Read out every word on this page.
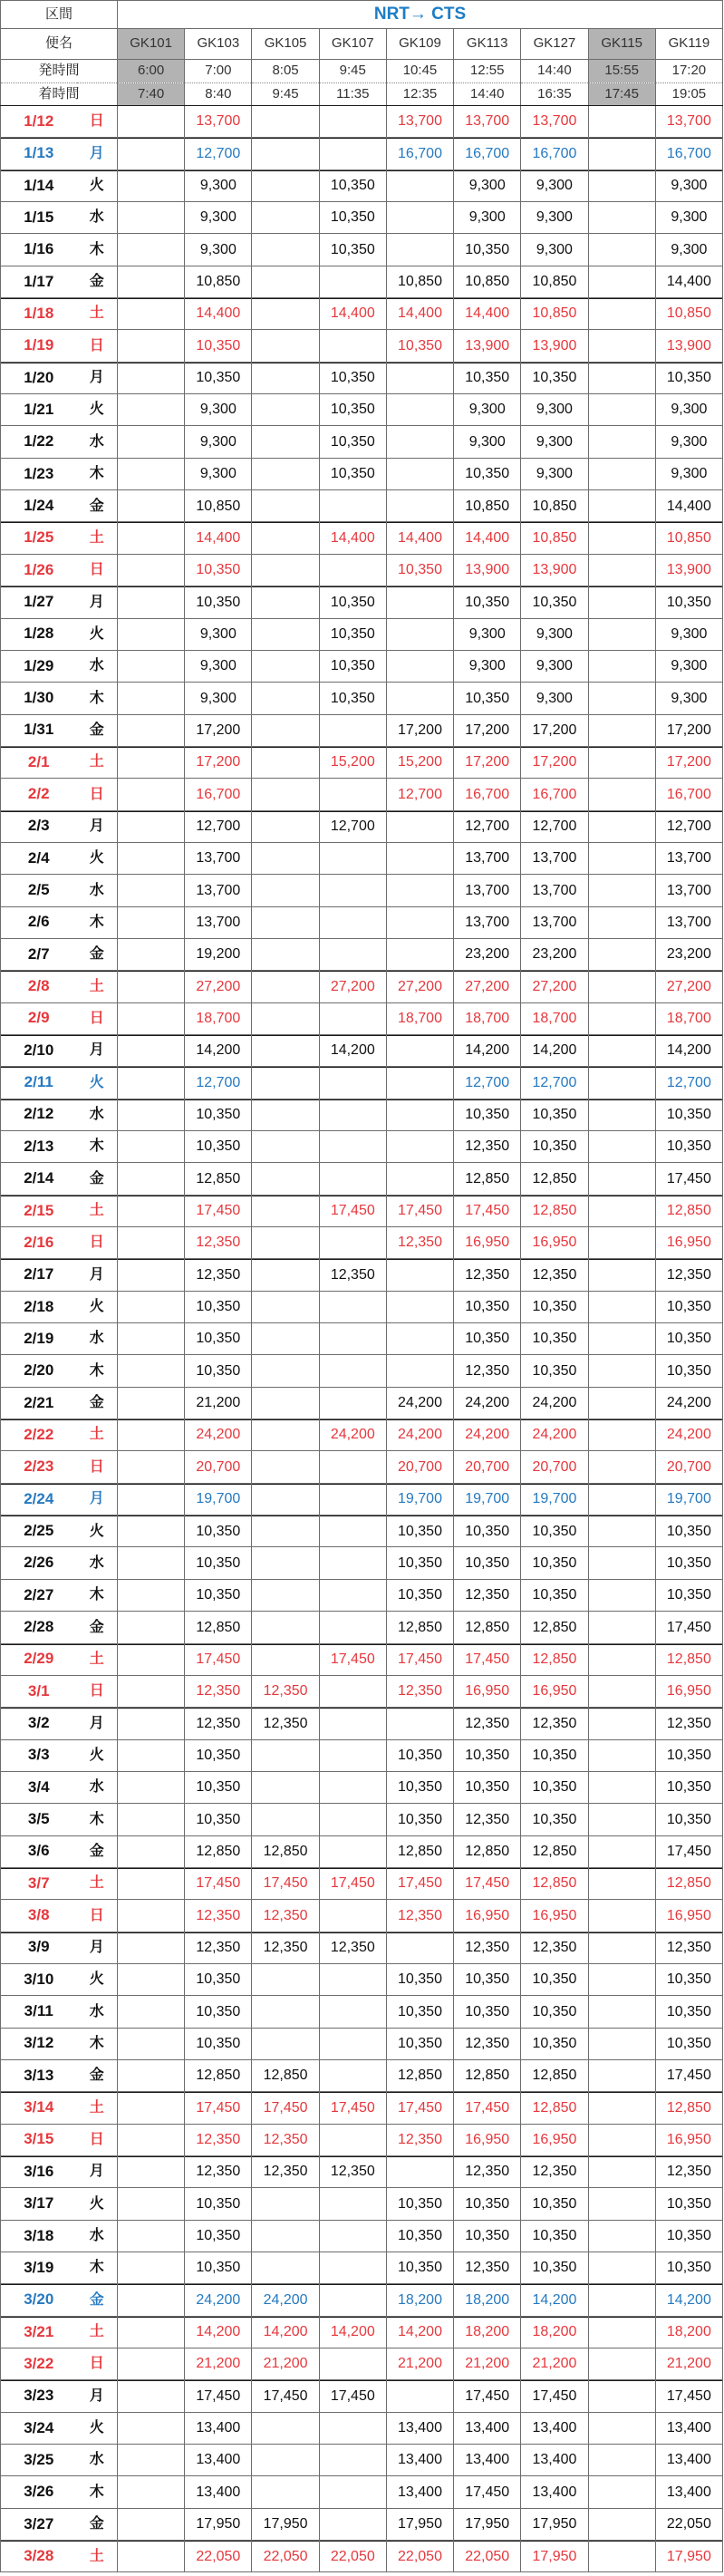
区間		NRT→ CTS								
便名		GK101	GK103	GK105	GK107	GK109	GK113	GK127	GK115	GK119
発時間		6:00	7:00	8:05	9:45	10:45	12:55	14:40	15:55	17:20
着時間		7:40	8:40	9:45	11:35	12:35	14:40	16:35	17:45	19:05
1/12	日		13,700			13,700	13,700	13,700		13,700
1/13	月		12,700			16,700	16,700	16,700		16,700
1/14	火		9,300		10,350		9,300	9,300		9,300
1/15	水		9,300		10,350		9,300	9,300		9,300
1/16	木		9,300		10,350		10,350	9,300		9,300
1/17	金		10,850			10,850	10,850	10,850		14,400
1/18	土		14,400		14,400	14,400	14,400	10,850		10,850
1/19	日		10,350			10,350	13,900	13,900		13,900
1/20	月		10,350		10,350		10,350	10,350		10,350
1/21	火		9,300		10,350		9,300	9,300		9,300
1/22	水		9,300		10,350		9,300	9,300		9,300
1/23	木		9,300		10,350		10,350	9,300		9,300
1/24	金		10,850				10,850	10,850		14,400
1/25	土		14,400		14,400	14,400	14,400	10,850		10,850
1/26	日		10,350			10,350	13,900	13,900		13,900
1/27	月		10,350		10,350		10,350	10,350		10,350
1/28	火		9,300		10,350		9,300	9,300		9,300
1/29	水		9,300		10,350		9,300	9,300		9,300
1/30	木		9,300		10,350		10,350	9,300		9,300
1/31	金		17,200			17,200	17,200	17,200		17,200
2/1	土		17,200		15,200	15,200	17,200	17,200		17,200
2/2	日		16,700			12,700	16,700	16,700		16,700
2/3	月		12,700		12,700		12,700	12,700		12,700
2/4	火		13,700				13,700	13,700		13,700
2/5	水		13,700				13,700	13,700		13,700
2/6	木		13,700				13,700	13,700		13,700
2/7	金		19,200				23,200	23,200		23,200
2/8	土		27,200		27,200	27,200	27,200	27,200		27,200
2/9	日		18,700			18,700	18,700	18,700		18,700
2/10	月		14,200		14,200		14,200	14,200		14,200
2/11	火		12,700				12,700	12,700		12,700
2/12	水		10,350				10,350	10,350		10,350
2/13	木		10,350				12,350	10,350		10,350
2/14	金		12,850				12,850	12,850		17,450
2/15	土		17,450		17,450	17,450	17,450	12,850		12,850
2/16	日		12,350			12,350	16,950	16,950		16,950
2/17	月		12,350		12,350		12,350	12,350		12,350
2/18	火		10,350				10,350	10,350		10,350
2/19	水		10,350				10,350	10,350		10,350
2/20	木		10,350				12,350	10,350		10,350
2/21	金		21,200			24,200	24,200	24,200		24,200
2/22	土		24,200		24,200	24,200	24,200	24,200		24,200
2/23	日		20,700			20,700	20,700	20,700		20,700
2/24	月		19,700			19,700	19,700	19,700		19,700
2/25	火		10,350			10,350	10,350	10,350		10,350
2/26	水		10,350			10,350	10,350	10,350		10,350
2/27	木		10,350			10,350	12,350	10,350		10,350
2/28	金		12,850			12,850	12,850	12,850		17,450
2/29	土		17,450		17,450	17,450	17,450	12,850		12,850
3/1	日		12,350	12,350		12,350	16,950	16,950		16,950
3/2	月		12,350	12,350			12,350	12,350		12,350
3/3	火		10,350			10,350	10,350	10,350		10,350
3/4	水		10,350			10,350	10,350	10,350		10,350
3/5	木		10,350			10,350	12,350	10,350		10,350
3/6	金		12,850	12,850		12,850	12,850	12,850		17,450
3/7	土		17,450	17,450	17,450	17,450	17,450	12,850		12,850
3/8	日		12,350	12,350		12,350	16,950	16,950		16,950
3/9	月		12,350	12,350	12,350		12,350	12,350		12,350
3/10	火		10,350			10,350	10,350	10,350		10,350
3/11	水		10,350			10,350	10,350	10,350		10,350
3/12	木		10,350			10,350	12,350	10,350		10,350
3/13	金		12,850	12,850		12,850	12,850	12,850		17,450
3/14	土		17,450	17,450	17,450	17,450	17,450	12,850		12,850
3/15	日		12,350	12,350		12,350	16,950	16,950		16,950
3/16	月		12,350	12,350	12,350		12,350	12,350		12,350
3/17	火		10,350			10,350	10,350	10,350		10,350
3/18	水		10,350			10,350	10,350	10,350		10,350
3/19	木		10,350			10,350	12,350	10,350		10,350
3/20	金		24,200	24,200		18,200	18,200	14,200		14,200
3/21	土		14,200	14,200	14,200	14,200	18,200	18,200		18,200
3/22	日		21,200	21,200		21,200	21,200	21,200		21,200
3/23	月		17,450	17,450	17,450		17,450	17,450		17,450
3/24	火		13,400			13,400	13,400	13,400		13,400
3/25	水		13,400			13,400	13,400	13,400		13,400
3/26	木		13,400			13,400	17,450	13,400		13,400
3/27	金		17,950	17,950		17,950	17,950	17,950		22,050
3/28	土		22,050	22,050	22,050	22,050	22,050	17,950		17,950
